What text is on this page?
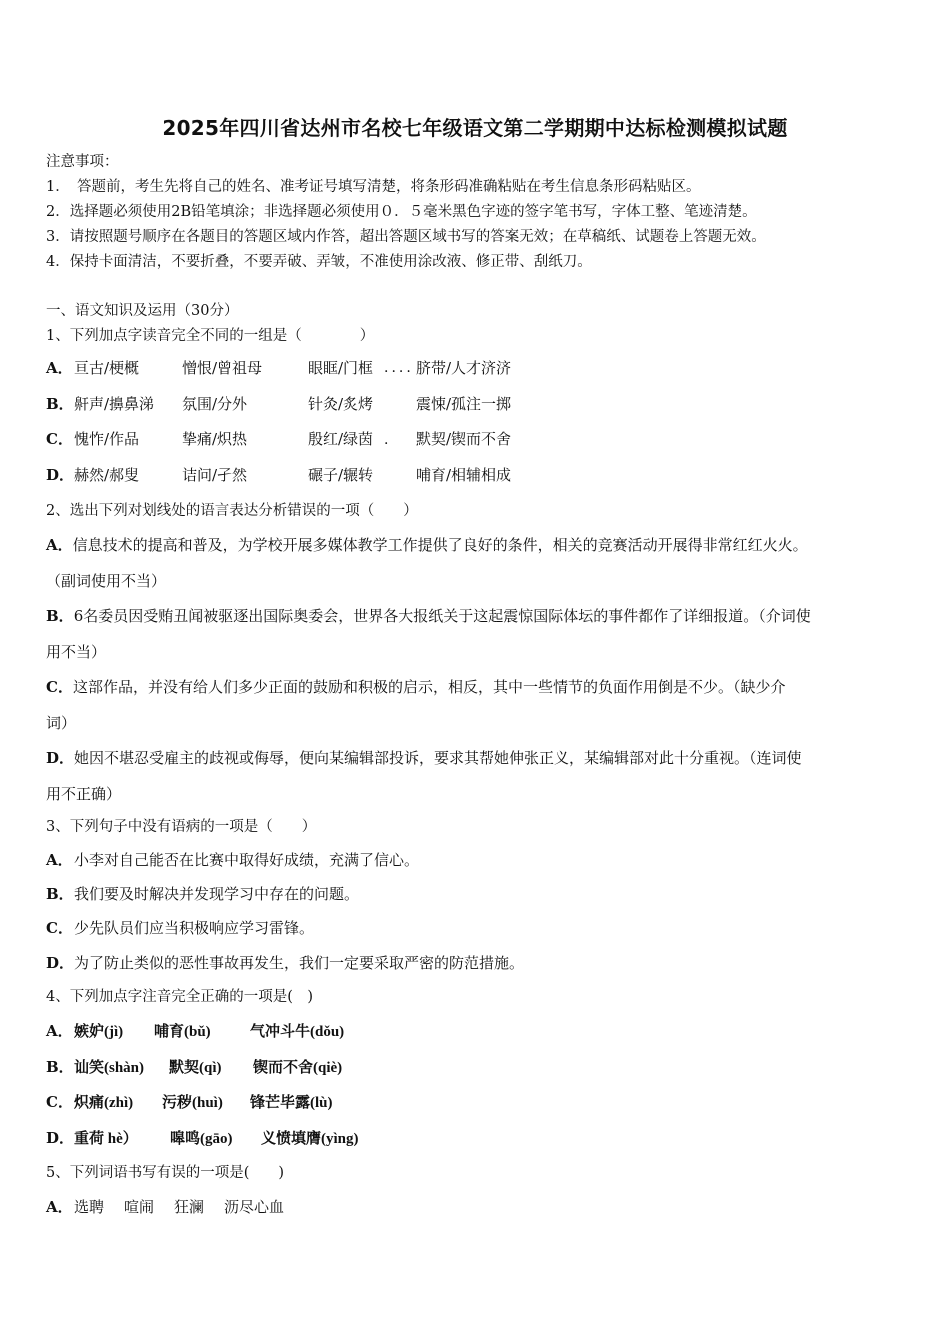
2025年四川省达州市名校七年级语文第二学期期中达标检测模拟试题
注意事项：
1．　答题前，考生先将自己的姓名、准考证号填写清楚，将条形码准确粘贴在考生信息条形码粘贴区。
2．选择题必须使用2B铅笔填涂；非选择题必须使用０．５毫米黑色字迹的签字笔书写，字体工整、笔迹清楚。
3．请按照题号顺序在各题目的答题区域内作答，超出答题区域书写的答案无效；在草稿纸、试题卷上答题无效。
4．保持卡面清洁，不要折叠，不要弄破、弄皱，不准使用涂改液、修正带、刮纸刀。
一、语文知识及运用（30分）
1、下列加点字读音完全不同的一组是（　　　　）
A．亘古/梗概	憎恨/曾祖母	眼眶/门框	脐带/人才济济
····
B．鼾声/擤鼻涕 氛围/分外	针灸/炙烤	震悚/孤注一掷
C．愧怍/作品	挚痛/炽热	殷红/绿茵	默契/锲而不舍
·
D．赫然/郝叟	诘问/孑然	碾子/辗转	哺育/相辅相成
2、选出下列对划线处的语言表达分析错误的一项（　　）
A．信息技术的提高和普及，为学校开展多媒体教学工作提供了良好的条件，相关的竞赛活动开展得非常红红火火。
（副词使用不当）
B．6名委员因受贿丑闻被驱逐出国际奥委会，世界各大报纸关于这起震惊国际体坛的事件都作了详细报道。（介词使
用不当）
C．这部作品，并没有给人们多少正面的鼓励和积极的启示，相反，其中一些情节的负面作用倒是不少。（缺少介
词）
D．她因不堪忍受雇主的歧视或侮辱，便向某编辑部投诉，要求其帮她伸张正义，某编辑部对此十分重视。（连词使
用不正确）
3、下列句子中没有语病的一项是（　　）
A．小李对自己能否在比赛中取得好成绩，充满了信心。
B．我们要及时解决并发现学习中存在的问题。
C．少先队员们应当积极响应学习雷锋。
D．为了防止类似的恶性事故再发生，我们一定要采取严密的防范措施。
4、下列加点字注音完全正确的一项是(　)
A．嫉妒(jì) 哺育(bǔ)	气冲斗牛(dǒu)
B．讪笑(shàn) 默契(qì) 锲而不舍(qiè)
C．炽痛(zhì) 污秽(huì) 锋芒毕露(lù)
D．重荷 hè） 嗥鸣(gāo) 义愤填膺(yìng)
5、下列词语书写有误的一项是(　　)
A．选聘 喧闹 狂澜 沥尽心血
